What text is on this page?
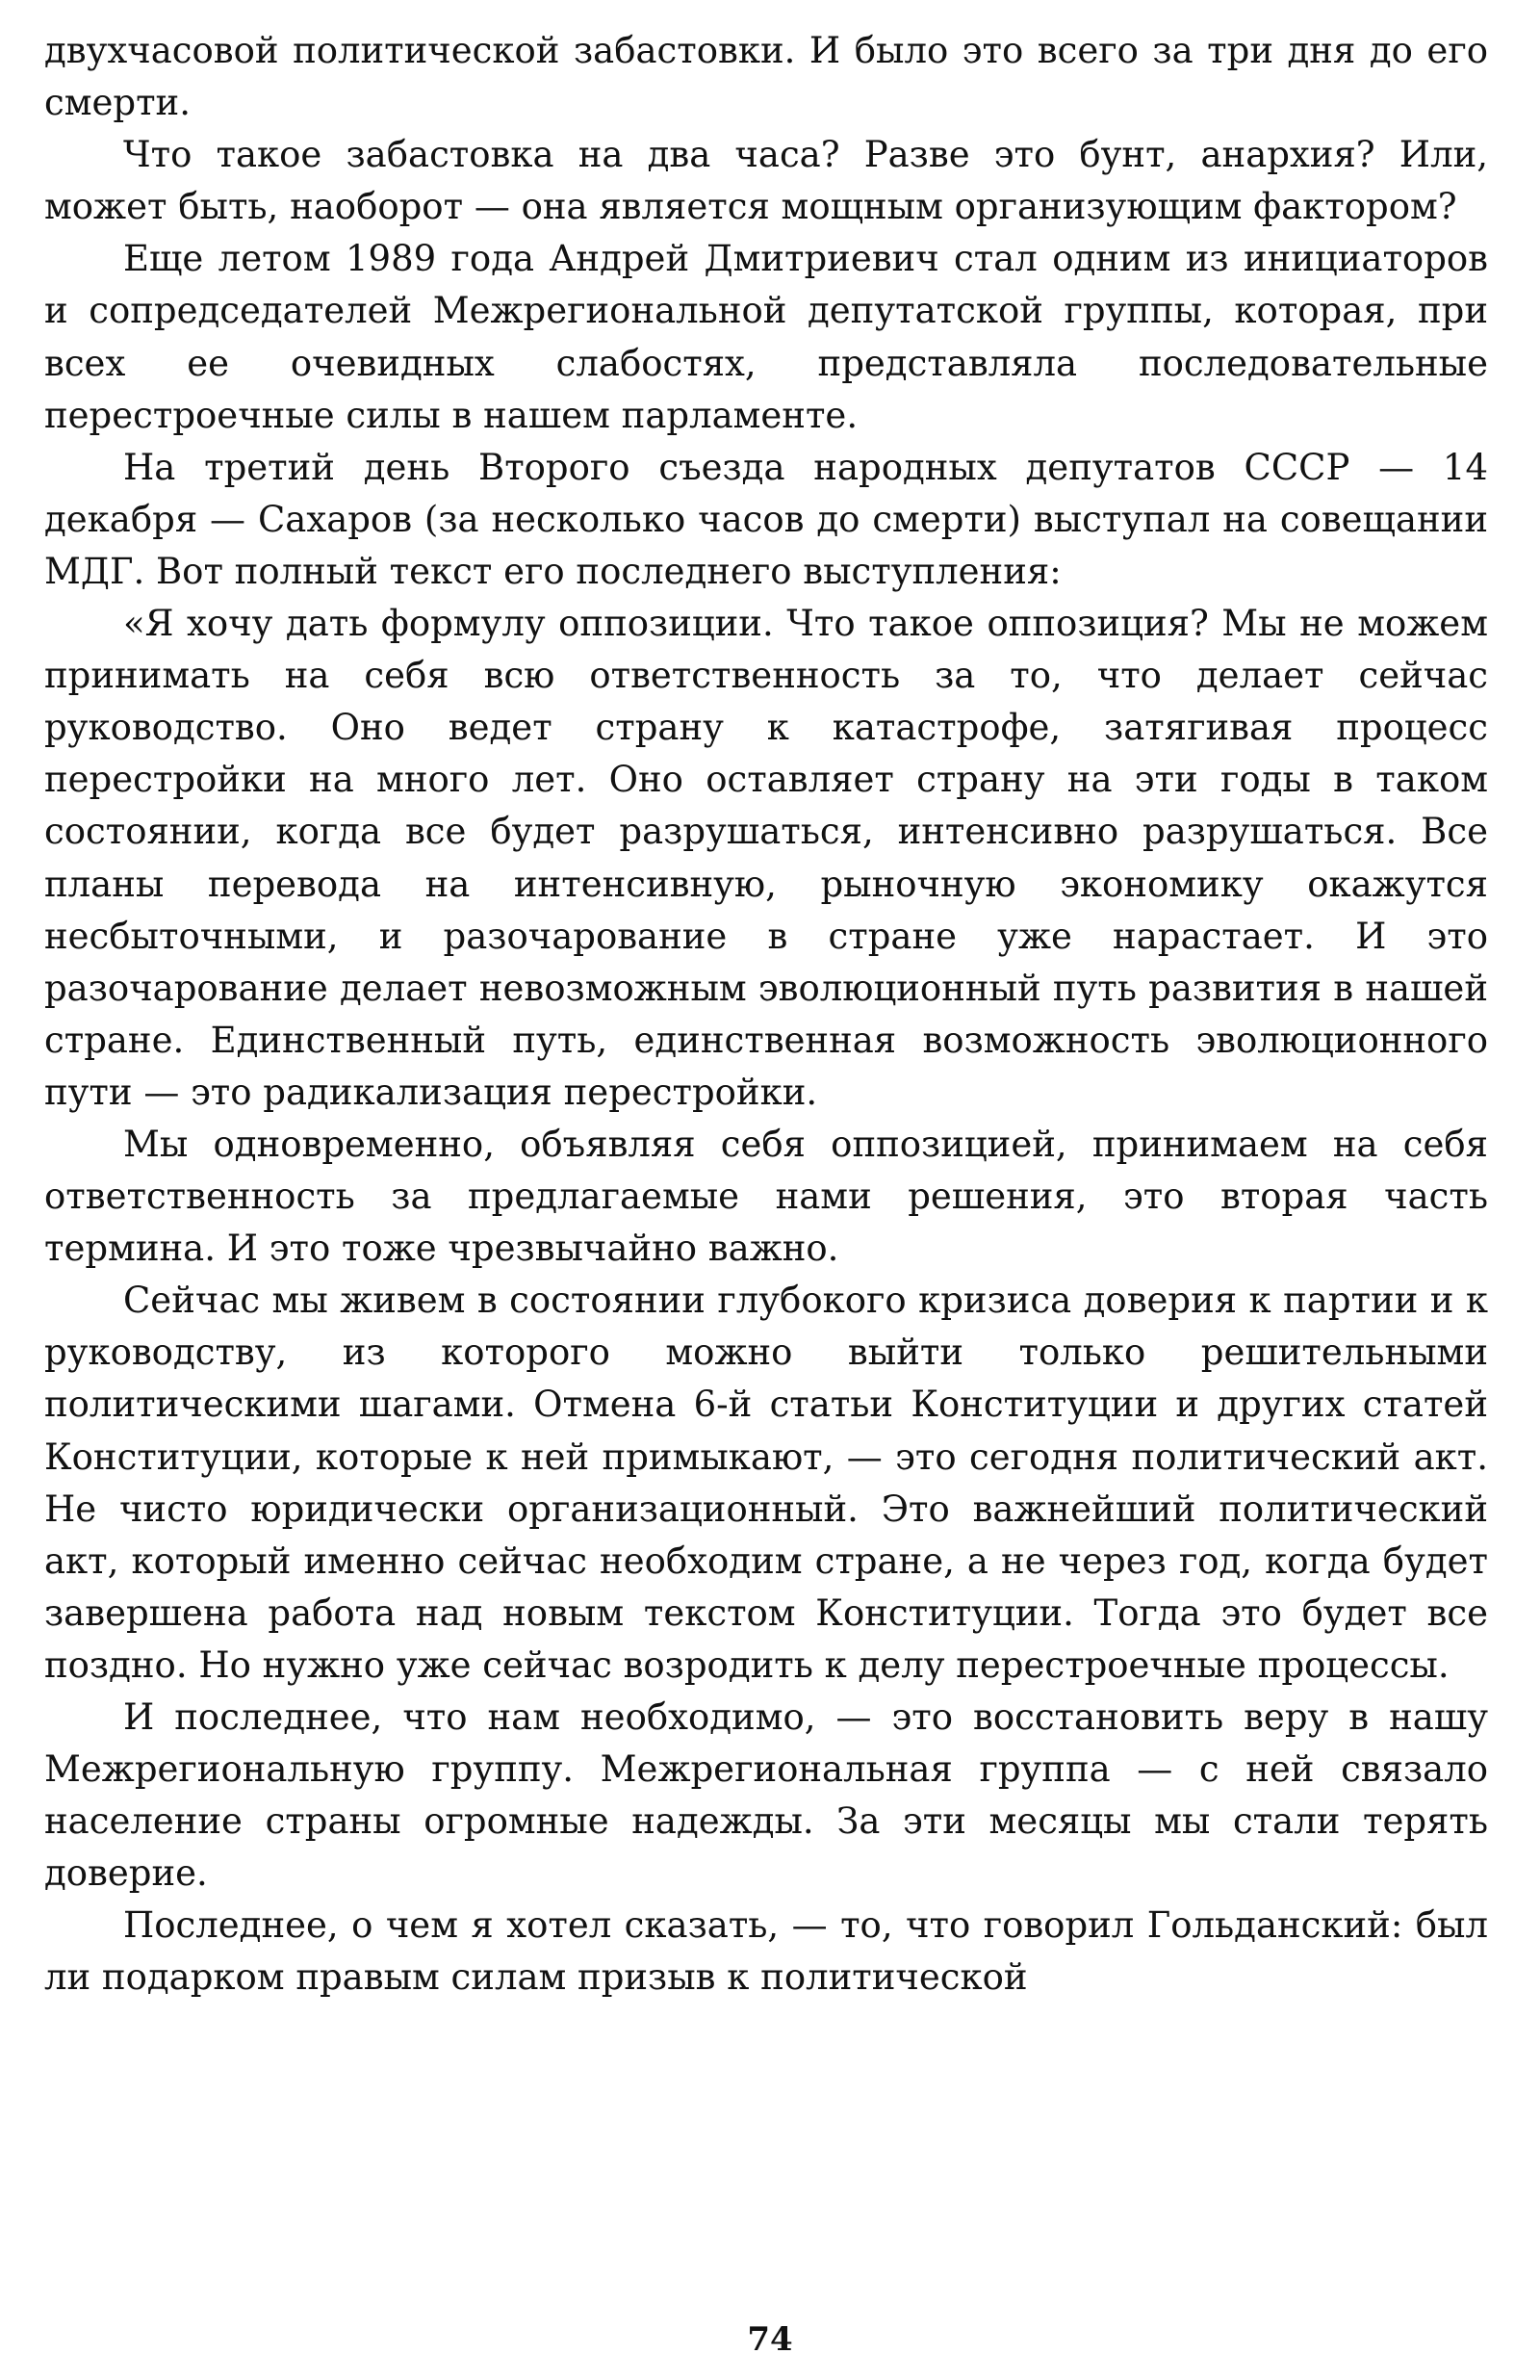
двухчасовой политической забастовки. И было это всего за три дня до его смерти.

Что такое забастовка на два часа? Разве это бунт, анархия? Или, может быть, наоборот — она является мощным организующим фактором?

Еще летом 1989 года Андрей Дмитриевич стал одним из инициаторов и сопредседателей Межрегиональной депутатской группы, которая, при всех ее очевидных слабостях, представляла последовательные перестроечные силы в нашем парламенте.

На третий день Второго съезда народных депутатов СССР — 14 декабря — Сахаров (за несколько часов до смерти) выступал на совещании МДГ. Вот полный текст его последнего выступления:

«Я хочу дать формулу оппозиции. Что такое оппозиция? Мы не можем принимать на себя всю ответственность за то, что делает сейчас руководство. Оно ведет страну к катастрофе, затягивая процесс перестройки на много лет. Оно оставляет страну на эти годы в таком состоянии, когда все будет разрушаться, интенсивно разрушаться. Все планы перевода на интенсивную, рыночную экономику окажутся несбыточными, и разочарование в стране уже нарастает. И это разочарование делает невозможным эволюционный путь развития в нашей стране. Единственный путь, единственная возможность эволюционного пути — это радикализация перестройки.

Мы одновременно, объявляя себя оппозицией, принимаем на себя ответственность за предлагаемые нами решения, это вторая часть термина. И это тоже чрезвычайно важно.

Сейчас мы живем в состоянии глубокого кризиса доверия к партии и к руководству, из которого можно выйти только решительными политическими шагами. Отмена 6-й статьи Конституции и других статей Конституции, которые к ней примыкают, — это сегодня политический акт. Не чисто юридически организационный. Это важнейший политический акт, который именно сейчас необходим стране, а не через год, когда будет завершена работа над новым текстом Конституции. Тогда это будет все поздно. Но нужно уже сейчас возродить к делу перестроечные процессы.

И последнее, что нам необходимо, — это восстановить веру в нашу Межрегиональную группу. Межрегиональная группа — с ней связало население страны огромные надежды. За эти месяцы мы стали терять доверие.

Последнее, о чем я хотел сказать, — то, что говорил Гольданский: был ли подарком правым силам призыв к политической

74
